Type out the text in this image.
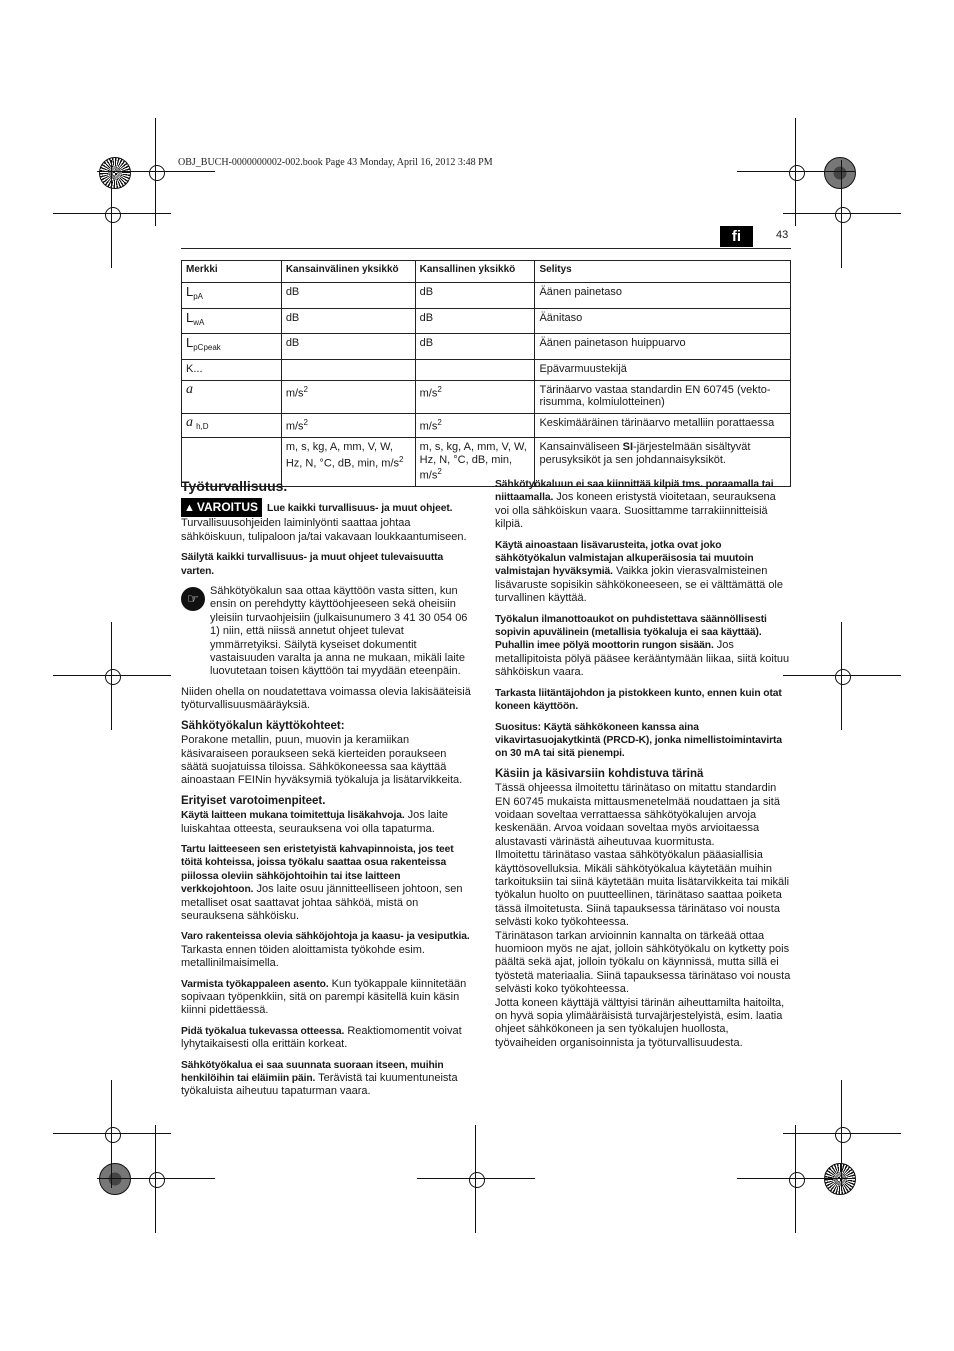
OBJ_BUCH-0000000002-002.book Page 43 Monday, April 16, 2012 3:48 PM
fi	43
Merkki	Kansainvälinen yksikkö	Kansallinen yksikkö	Selitys
$L_{pA}$	dB	dB	Äänen painetaso
$L_{wA}$	dB	dB	Äänitaso
$L_{pCpeak}$	dB	dB	Äänen painetason huippuarvo
K...			Epävarmuustekijä
a	$m/s^2$	$m/s^2$	Tärinäarvo vastaa standardin EN 60745 (vekto-risumma, kolmiulotteinen)
a $_{h,D}$	$m/s^2$	$m/s^2$	Keskimääräinen tärinäarvo metalliin porattaessa
	m, s, kg, A, mm, V, W, Hz, N, °C, dB, min, $m/s^2$	m, s, kg, A, mm, V, W, Hz, N, °C, dB, min, $m/s^2$	Kansainväliseen SI-järjestelmään sisältyvät perusyksiköt ja sen johdannaisyksiköt.
Työturvallisuus.

▲ VAROITUS Lue kaikki turvallisuus- ja muut ohjeet. Turvallisuusohjeiden laiminlyönti saattaa johtaa sähköiskuun, tulipaloon ja/tai vakavaan loukkaantumiseen.

Säilytä kaikki turvallisuus- ja muut ohjeet tulevaisuutta varten.

☞	Sähkötyökalun saa ottaa käyttöön vasta sitten, kun ensin on perehdytty käyttöohjeeseen sekä oheisiin yleisiin turvaohjeisiin (julkaisunumero 3 41 30 054 06 1) niin, että niissä annetut ohjeet tulevat ymmärretyiksi. Säilytä kyseiset dokumentit vastaisuuden varalta ja anna ne mukaan, mikäli laite luovutetaan toisen käyttöön tai myydään eteenpäin.

Niiden ohella on noudatettava voimassa olevia lakisääteisiä työturvallisuusmääräyksiä.

Sähkötyökalun käyttökohteet:

Porakone metallin, puun, muovin ja keramiikan käsivaraiseen poraukseen sekä kierteiden poraukseen säätä suojatuissa tiloissa. Sähkökoneessa saa käyttää ainoastaan FEINin hyväksymiä työkaluja ja lisätarvikkeita.

Erityiset varotoimenpiteet.

Käytä laitteen mukana toimitettuja lisäkahvoja. Jos laite luiskahtaa otteesta, seurauksena voi olla tapaturma.

Tartu laitteeseen sen eristetyistä kahvapinnoista, jos teet töitä kohteissa, joissa työkalu saattaa osua rakenteissa piilossa oleviin sähköjohtoihin tai itse laitteen verkkojohtoon. Jos laite osuu jännitteelliseen johtoon, sen metalliset osat saattavat johtaa sähköä, mistä on seurauksena sähköisku.

Varo rakenteissa olevia sähköjohtoja ja kaasu- ja vesiputkia. Tarkasta ennen töiden aloittamista työkohde esim. metallinilmaisimella.

Varmista työkappaleen asento. Kun työkappale kiinnitetään sopivaan työpenkkiin, sitä on parempi käsitellä kuin käsin kiinni pidettäessä.

Pidä työkalua tukevassa otteessa. Reaktiomomentit voivat lyhytaikaisesti olla erittäin korkeat.

Sähkötyökalua ei saa suunnata suoraan itseen, muihin henkilöihin tai eläimiin päin. Terävistä tai kuumentuneista työkaluista aiheutuu tapaturman vaara.

Sähkötyökaluun ei saa kiinnittää kilpiä tms. poraamalla tai niittaamalla. Jos koneen eristystä vioitetaan, seurauksena voi olla sähköiskun vaara. Suosittamme tarrakiinnitteisiä kilpiä.

Käytä ainoastaan lisävarusteita, jotka ovat joko sähkötyökalun valmistajan alkuperäisosia tai muutoin valmistajan hyväksymiä. Vaikka jokin vierasvalmisteinen lisävaruste sopisikin sähkökoneeseen, se ei välttämättä ole turvallinen käyttää.

Työkalun ilmanottoaukot on puhdistettava säännöllisesti sopivin apuvälinein (metallisia työkaluja ei saa käyttää). Puhallin imee pölyä moottorin rungon sisään. Jos metallipitoista pölyä pääsee kerääntymään liikaa, siitä koituu sähköiskun vaara.

Tarkasta liitäntäjohdon ja pistokkeen kunto, ennen kuin otat koneen käyttöön.

Suositus: Käytä sähkökoneen kanssa aina vikavirtasuojakytkintä (PRCD-K), jonka nimellistoimintavirta on 30 mA tai sitä pienempi.

Käsiin ja käsivarsiin kohdistuva tärinä

Tässä ohjeessa ilmoitettu tärinätaso on mitattu standardin EN 60745 mukaista mittausmenetelmää noudattaen ja sitä voidaan soveltaa verrattaessa sähkötyökalujen arvoja keskenään. Arvoa voidaan soveltaa myös arvioitaessa alustavasti värinästä aiheutuvaa kuormitusta.

Ilmoitettu tärinätaso vastaa sähkötyökalun pääasiallisia käyttösovelluksia. Mikäli sähkötyökalua käytetään muihin tarkoituksiin tai siinä käytetään muita lisätarvikkeita tai mikäli työkalun huolto on puutteellinen, tärinätaso saattaa poiketa tässä ilmoitetusta. Siinä tapauksessa tärinätaso voi nousta selvästi koko työkohteessa.

Tärinätason tarkan arvioinnin kannalta on tärkeää ottaa huomioon myös ne ajat, jolloin sähkötyökalu on kytketty pois päältä sekä ajat, jolloin työkalu on käynnissä, mutta sillä ei työstetä materiaalia. Siinä tapauksessa tärinätaso voi nousta selvästi koko työkohteessa.

Jotta koneen käyttäjä välttyisi tärinän aiheuttamilta haitoilta, on hyvä sopia ylimääräisistä turvajärjestelyistä, esim. laatia ohjeet sähkökoneen ja sen työkalujen huollosta, työvaiheiden organisoinnista ja työturvallisuudesta.
